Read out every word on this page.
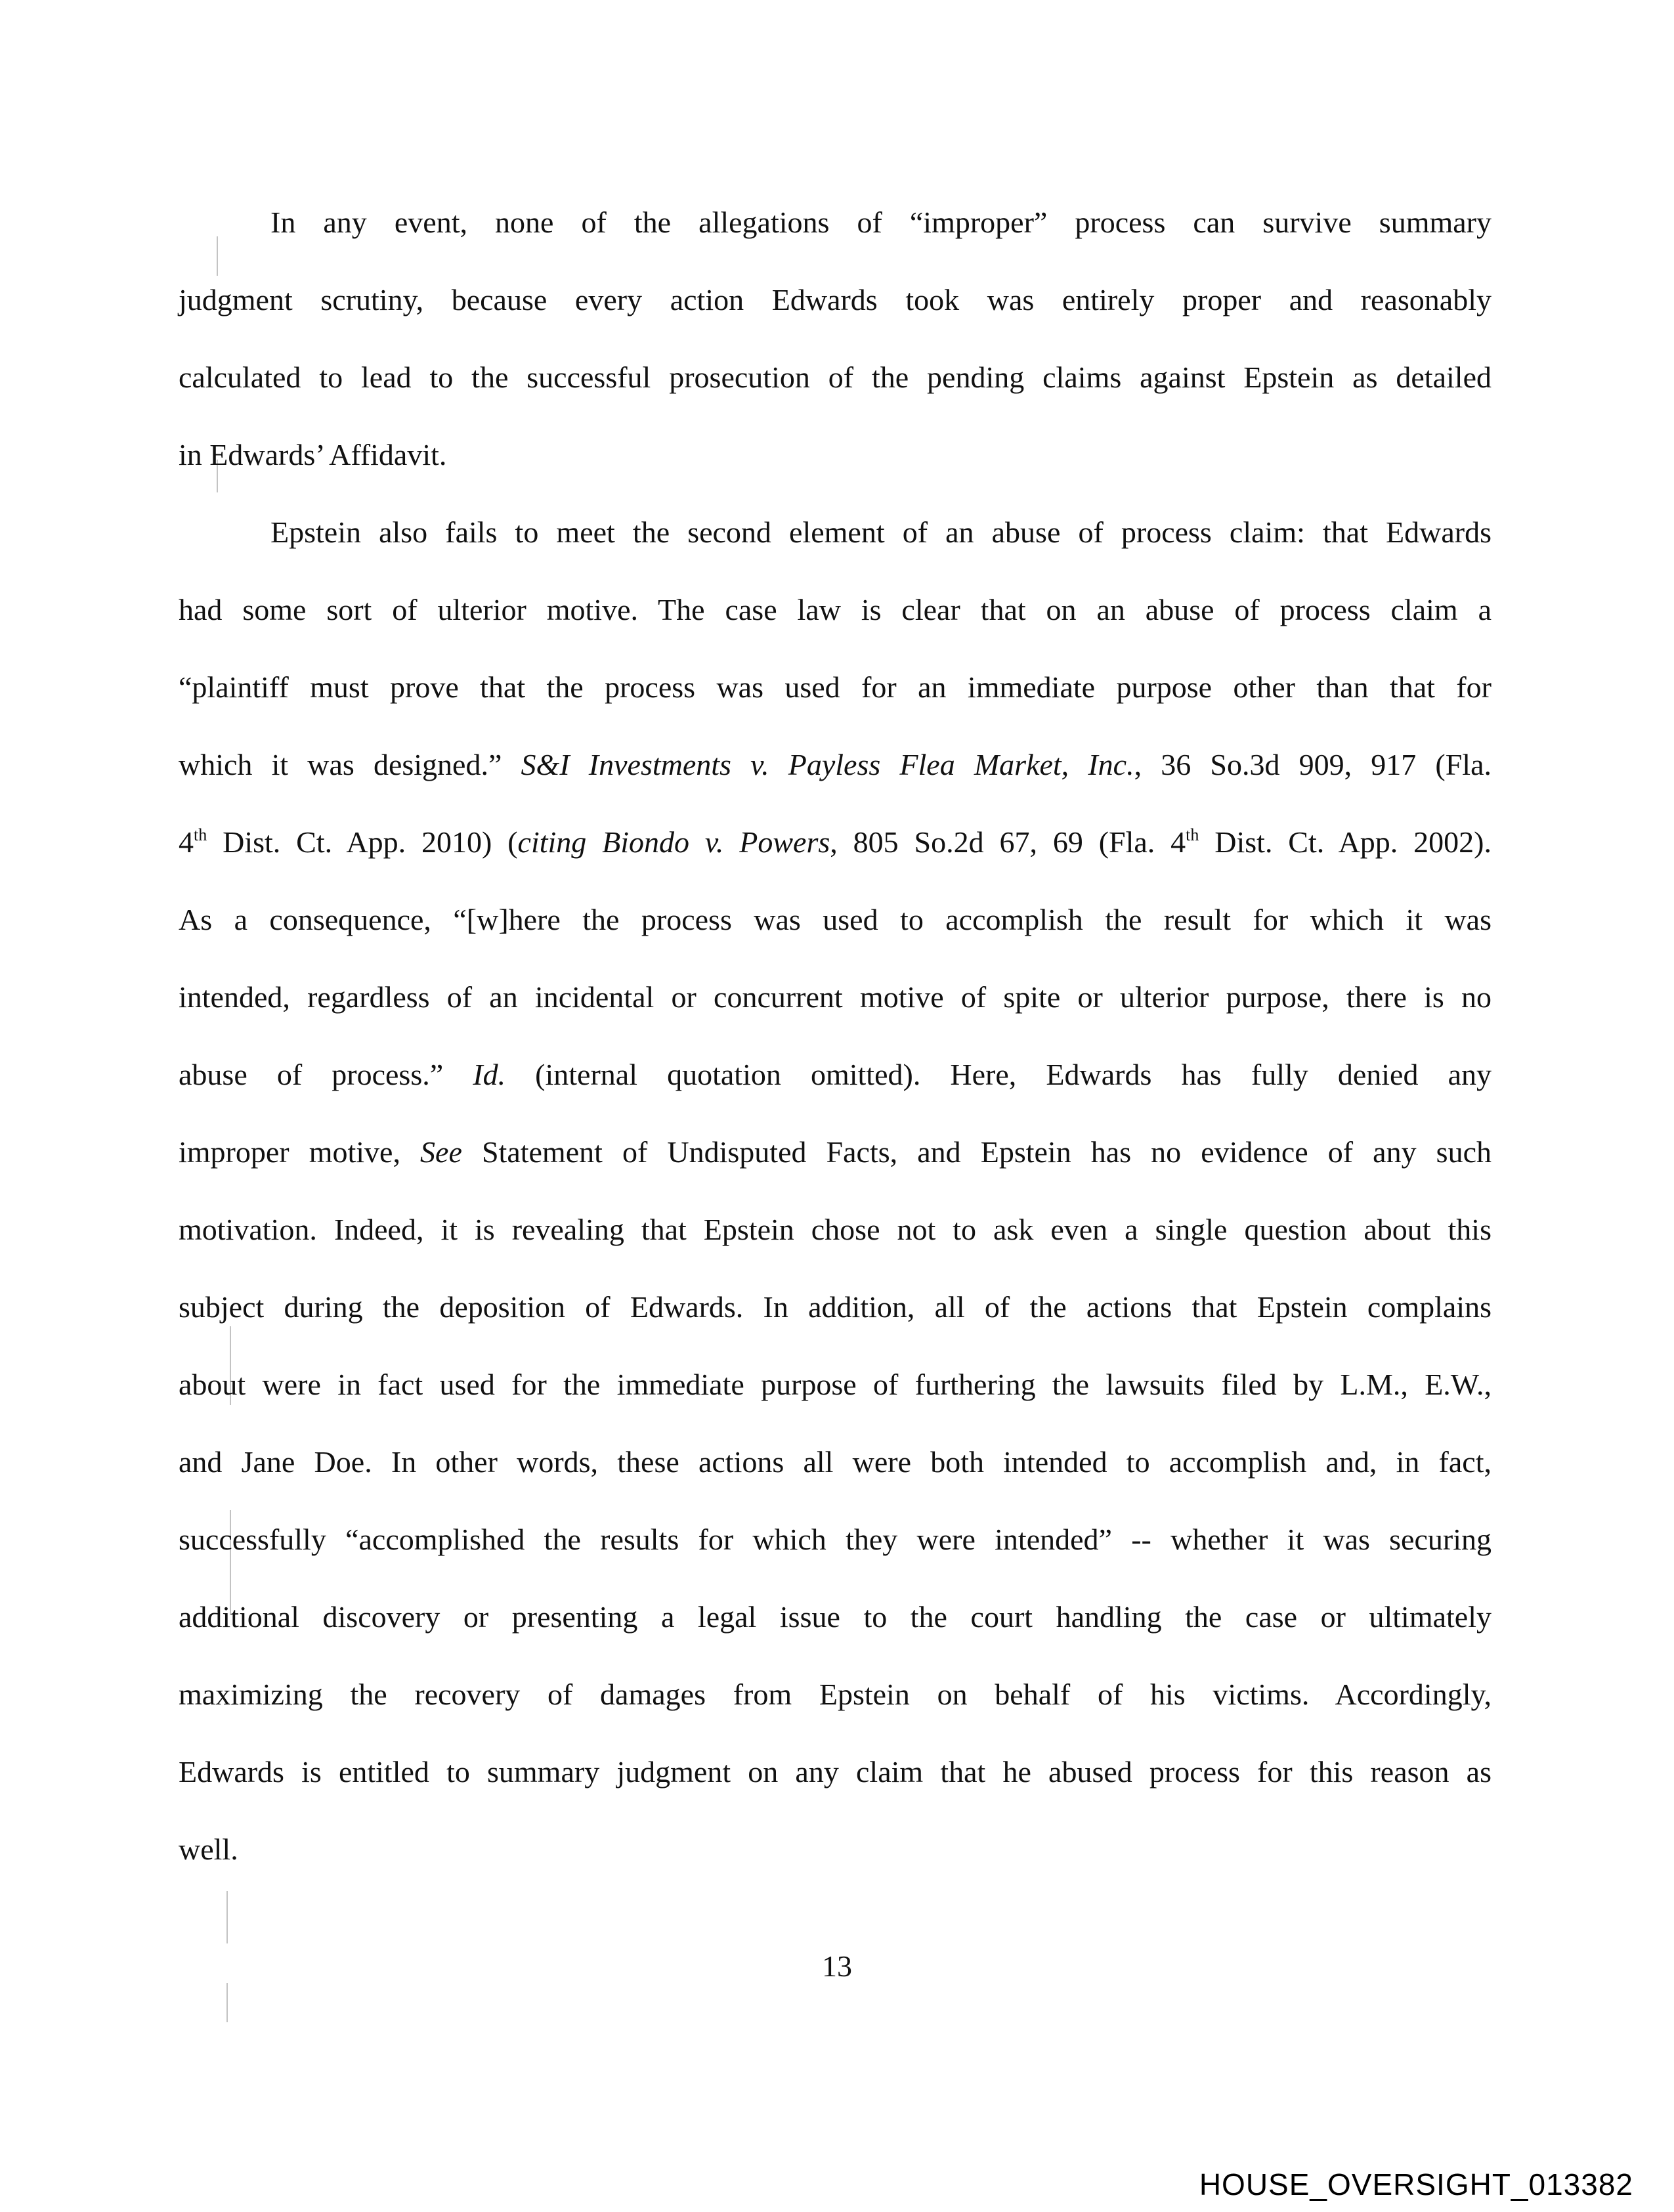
In any event, none of the allegations of “improper” process can survive summary
judgment scrutiny, because every action Edwards took was entirely proper and reasonably
calculated to lead to the successful prosecution of the pending claims against Epstein as detailed
in Edwards’ Affidavit.

Epstein also fails to meet the second element of an abuse of process claim: that Edwards
had some sort of ulterior motive. The case law is clear that on an abuse of process claim a
“plaintiff must prove that the process was used for an immediate purpose other than that for
which it was designed.” S&I Investments v. Payless Flea Market, Inc., 36 So.3d 909, 917 (Fla.
4th Dist. Ct. App. 2010) (citing Biondo v. Powers, 805 So.2d 67, 69 (Fla. 4th Dist. Ct. App. 2002).
As a consequence, “[w]here the process was used to accomplish the result for which it was
intended, regardless of an incidental or concurrent motive of spite or ulterior purpose, there is no
abuse of process.” Id. (internal quotation omitted). Here, Edwards has fully denied any
improper motive, See Statement of Undisputed Facts, and Epstein has no evidence of any such
motivation. Indeed, it is revealing that Epstein chose not to ask even a single question about this
subject during the deposition of Edwards. In addition, all of the actions that Epstein complains
about were in fact used for the immediate purpose of furthering the lawsuits filed by L.M., E.W.,
and Jane Doe. In other words, these actions all were both intended to accomplish and, in fact,
successfully “accomplished the results for which they were intended” -- whether it was securing
additional discovery or presenting a legal issue to the court handling the case or ultimately
maximizing the recovery of damages from Epstein on behalf of his victims. Accordingly,
Edwards is entitled to summary judgment on any claim that he abused process for this reason as
well.

13
HOUSE_OVERSIGHT_013382
